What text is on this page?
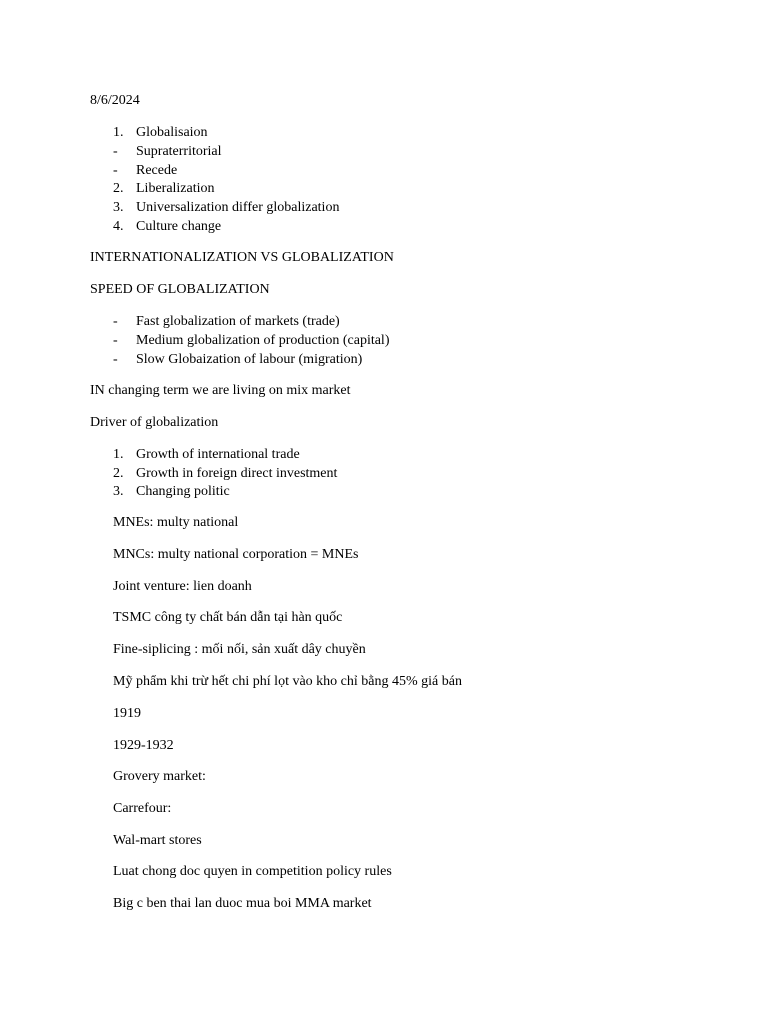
8/6/2024
1. Globalisaion
- Supraterritorial
- Recede
2. Liberalization
3. Universalization differ globalization
4. Culture change
INTERNATIONALIZATION VS GLOBALIZATION
SPEED OF GLOBALIZATION
- Fast globalization of markets (trade)
- Medium globalization of production (capital)
- Slow Globaization of labour (migration)
IN changing term we are living on mix market
Driver of globalization
1. Growth of international trade
2. Growth in foreign direct investment
3. Changing politic
MNEs: multy national
MNCs: multy national corporation = MNEs
Joint venture: lien doanh
TSMC công ty chất bán dẫn tại hàn quốc
Fine-siplicing : mối nối, sản xuất dây chuyền
Mỹ phẩm khi trừ hết chi phí lọt vào kho chỉ bằng 45% giá bán
1919
1929-1932
Grovery market:
Carrefour:
Wal-mart stores
Luat chong doc quyen in competition policy rules
Big c ben thai lan duoc mua boi MMA market
